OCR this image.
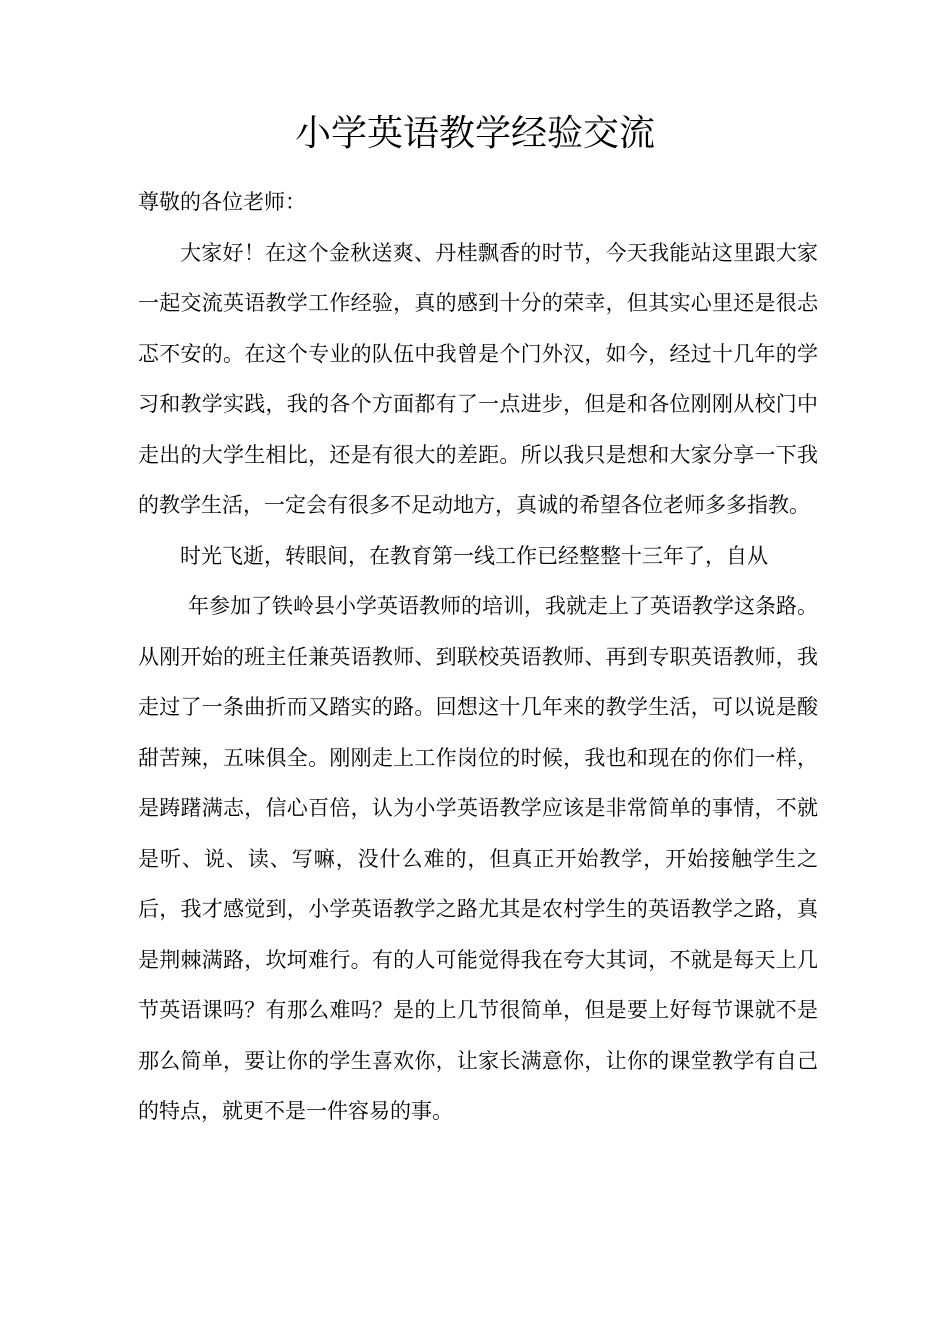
小学英语教学经验交流

尊敬的各位老师：

大家好！在这个金秋送爽、丹桂飘香的时节，今天我能站这里跟大家一起交流英语教学工作经验，真的感到十分的荣幸，但其实心里还是很忐忑不安的。在这个专业的队伍中我曾是个门外汉，如今，经过十几年的学习和教学实践，我的各个方面都有了一点进步，但是和各位刚刚从校门中走出的大学生相比，还是有很大的差距。所以我只是想和大家分享一下我的教学生活，一定会有很多不足动地方，真诚的希望各位老师多多指教。

时光飞逝，转眼间，在教育第一线工作已经整整十三年了，自从

年参加了铁岭县小学英语教师的培训，我就走上了英语教学这条路。从刚开始的班主任兼英语教师、到联校英语教师、再到专职英语教师，我走过了一条曲折而又踏实的路。回想这十几年来的教学生活，可以说是酸甜苦辣，五味俱全。刚刚走上工作岗位的时候，我也和现在的你们一样，是踌躇满志，信心百倍，认为小学英语教学应该是非常简单的事情，不就是听、说、读、写嘛，没什么难的，但真正开始教学，开始接触学生之后，我才感觉到，小学英语教学之路尤其是农村学生的英语教学之路，真是荆棘满路，坎坷难行。有的人可能觉得我在夸大其词，不就是每天上几节英语课吗？有那么难吗？是的上几节很简单，但是要上好每节课就不是那么简单，要让你的学生喜欢你，让家长满意你，让你的课堂教学有自己的特点，就更不是一件容易的事。
